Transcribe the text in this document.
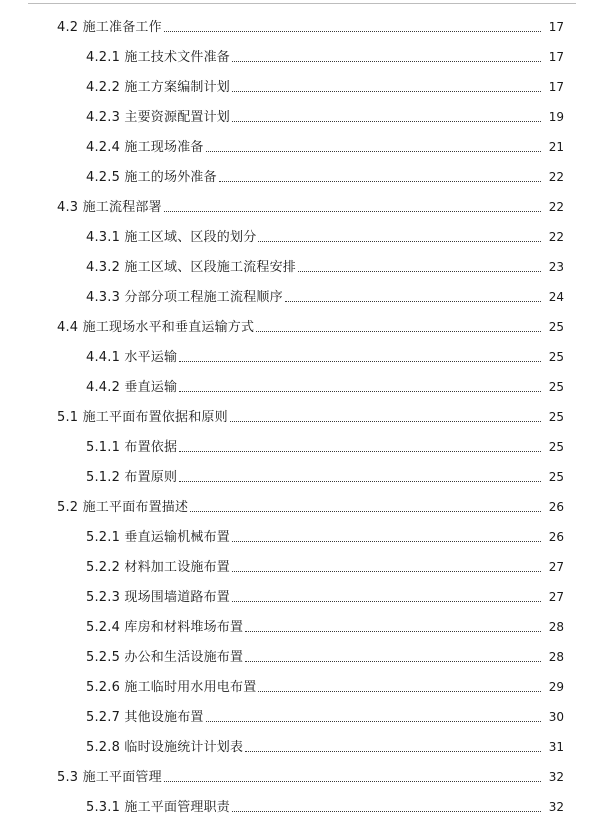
4.2 施工准备工作	17
4.2.1 施工技术文件准备	17
4.2.2 施工方案编制计划	17
4.2.3 主要资源配置计划	19
4.2.4 施工现场准备	21
4.2.5 施工的场外准备	22
4.3 施工流程部署	22
4.3.1 施工区域、区段的划分	22
4.3.2 施工区域、区段施工流程安排	23
4.3.3 分部分项工程施工流程顺序	24
4.4 施工现场水平和垂直运输方式	25
4.4.1 水平运输	25
4.4.2 垂直运输	25
5.1 施工平面布置依据和原则	25
5.1.1 布置依据	25
5.1.2 布置原则	25
5.2 施工平面布置描述	26
5.2.1 垂直运输机械布置	26
5.2.2 材料加工设施布置	27
5.2.3 现场围墙道路布置	27
5.2.4 库房和材料堆场布置	28
5.2.5 办公和生活设施布置	28
5.2.6 施工临时用水用电布置	29
5.2.7 其他设施布置	30
5.2.8 临时设施统计计划表	31
5.3 施工平面管理	32
5.3.1 施工平面管理职责	32
